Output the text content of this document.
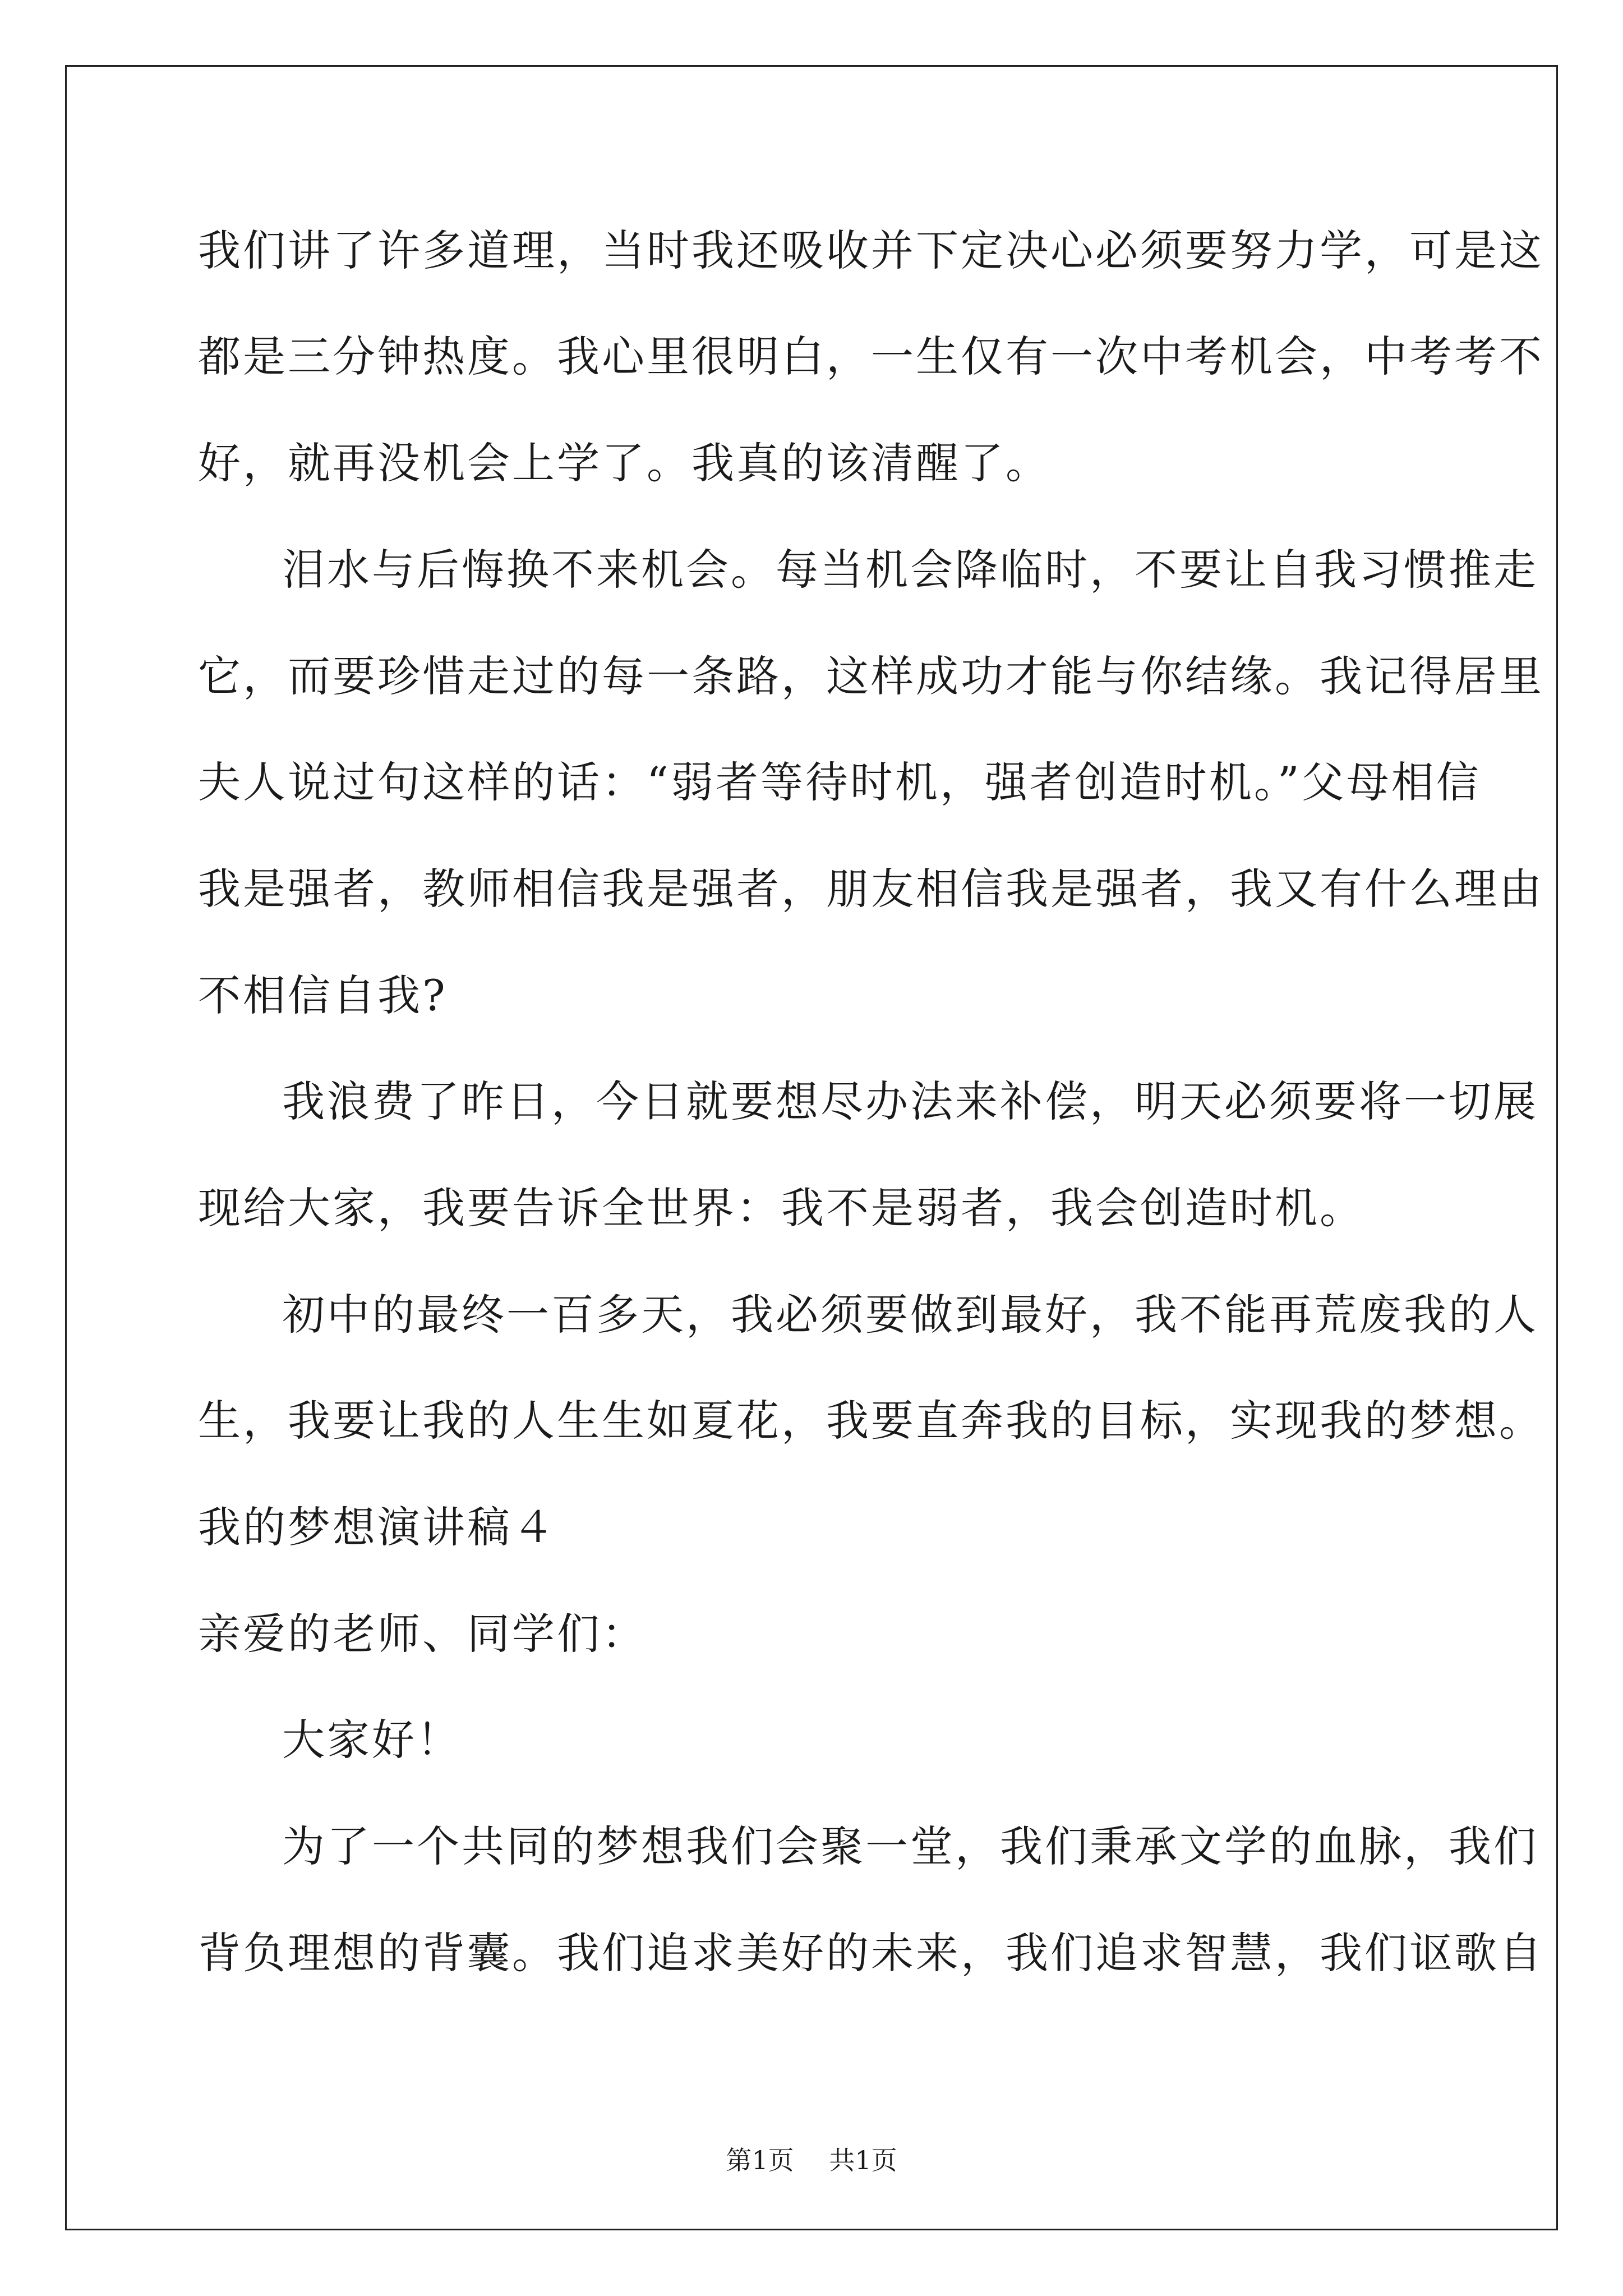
我们讲了许多道理，当时我还吸收并下定决心必须要努力学，可是这
都是三分钟热度。我心里很明白，一生仅有一次中考机会，中考考不
好，就再没机会上学了。我真的该清醒了。
泪水与后悔换不来机会。每当机会降临时，不要让自我习惯推走
它，而要珍惜走过的每一条路，这样成功才能与你结缘。我记得居里
夫人说过句这样的话：“弱者等待时机，强者创造时机。”父母相信
我是强者，教师相信我是强者，朋友相信我是强者，我又有什么理由
不相信自我?
我浪费了昨日，今日就要想尽办法来补偿，明天必须要将一切展
现给大家，我要告诉全世界：我不是弱者，我会创造时机。
初中的最终一百多天，我必须要做到最好，我不能再荒废我的人
生，我要让我的人生生如夏花，我要直奔我的目标，实现我的梦想。
我的梦想演讲稿４
亲爱的老师、同学们：
大家好！
为了一个共同的梦想我们会聚一堂，我们秉承文学的血脉，我们
背负理想的背囊。我们追求美好的未来，我们追求智慧，我们讴歌自
第1页 共1页
